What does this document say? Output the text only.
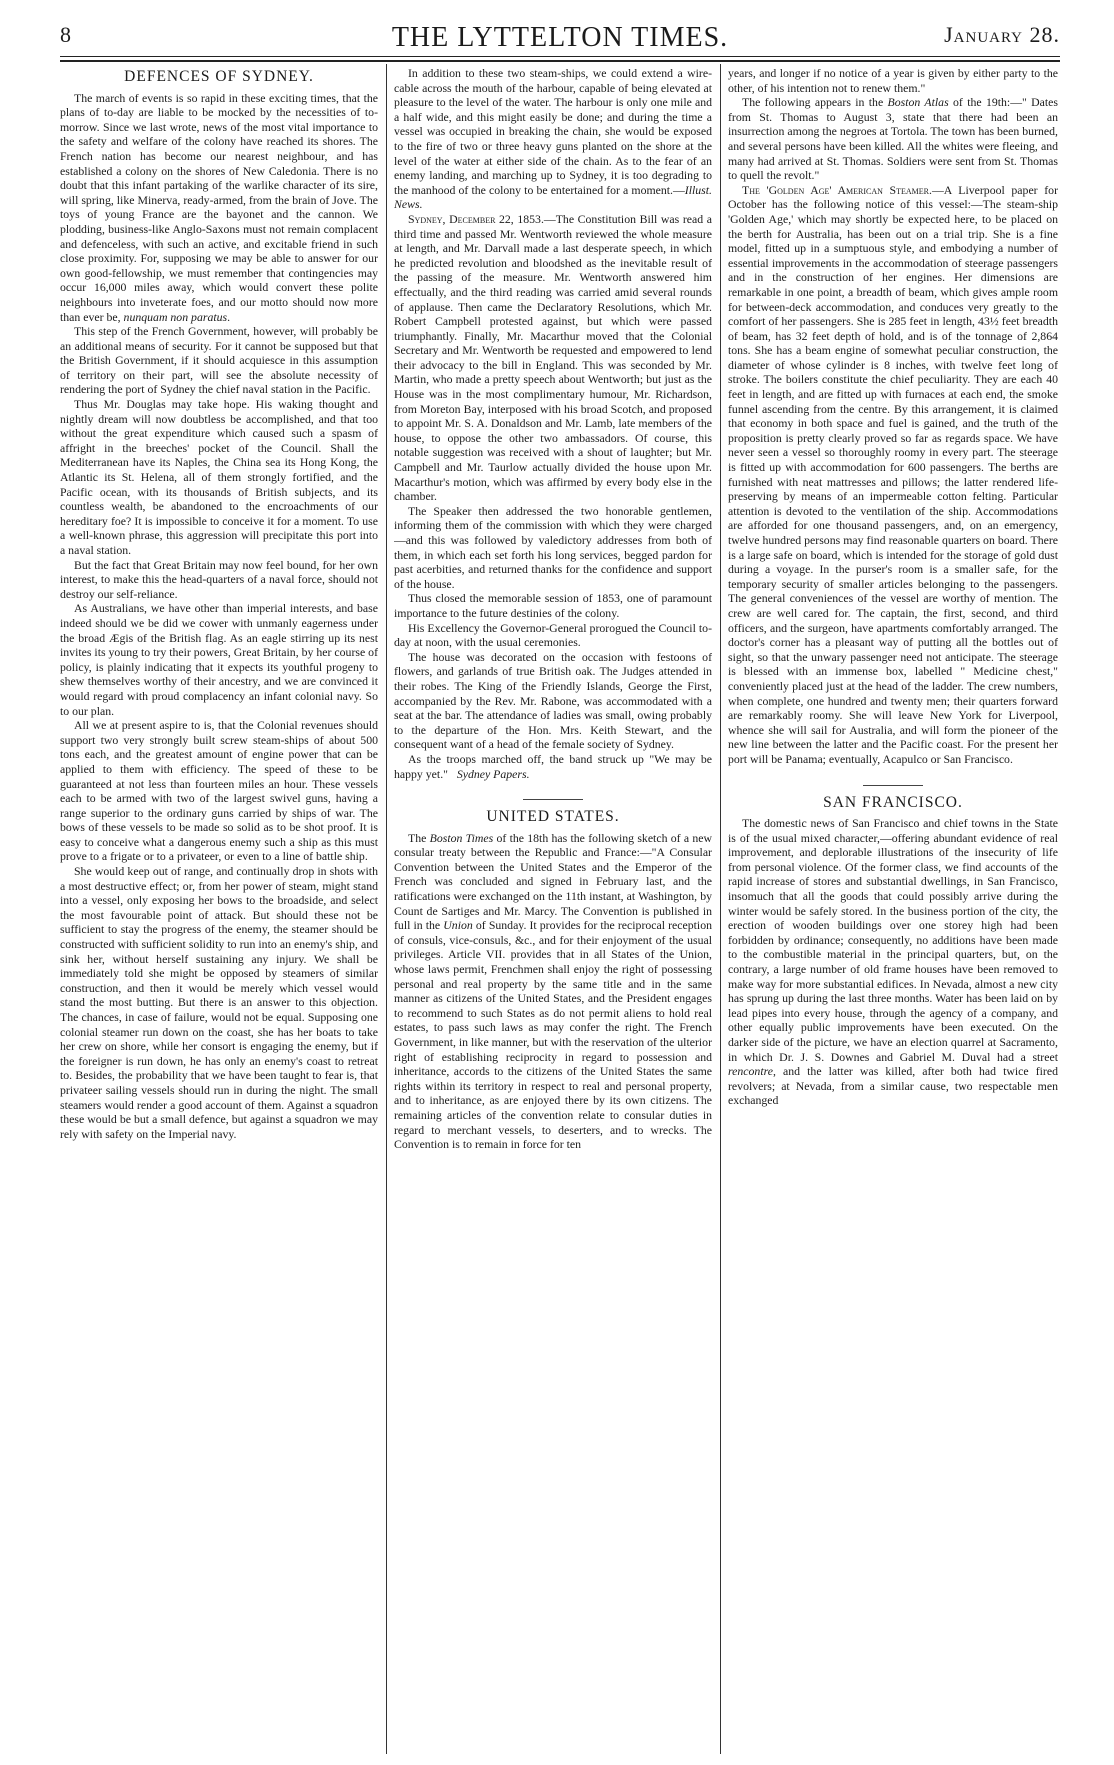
8	THE LYTTELTON TIMES.	January 28.
DEFENCES OF SYDNEY.

The march of events is so rapid in these exciting times, that the plans of to-day are liable to be mocked by the necessities of to-morrow. Since we last wrote, news of the most vital importance to the safety and welfare of the colony have reached its shores. The French nation has become our nearest neighbour, and has established a colony on the shores of New Caledonia. There is no doubt that this infant partaking of the warlike character of its sire, will spring, like Minerva, ready-armed, from the brain of Jove. The toys of young France are the bayonet and the cannon. We plodding, business-like Anglo-Saxons must not remain complacent and defenceless, with such an active, and excitable friend in such close proximity. For, supposing we may be able to answer for our own good-fellowship, we must remember that contingencies may occur 16,000 miles away, which would convert these polite neighbours into inveterate foes, and our motto should now more than ever be, nunquam non paratus.

This step of the French Government, however, will probably be an additional means of security. For it cannot be supposed but that the British Government, if it should acquiesce in this assumption of territory on their part, will see the absolute necessity of rendering the port of Sydney the chief naval station in the Pacific.

Thus Mr. Douglas may take hope. His waking thought and nightly dream will now doubtless be accomplished, and that too without the great expenditure which caused such a spasm of affright in the breeches' pocket of the Council. Shall the Mediterranean have its Naples, the China sea its Hong Kong, the Atlantic its St. Helena, all of them strongly fortified, and the Pacific ocean, with its thousands of British subjects, and its countless wealth, be abandoned to the encroachments of our hereditary foe? It is impossible to conceive it for a moment. To use a well-known phrase, this aggression will precipitate this port into a naval station.

But the fact that Great Britain may now feel bound, for her own interest, to make this the head-quarters of a naval force, should not destroy our self-reliance.

As Australians, we have other than imperial interests, and base indeed should we be did we cower with unmanly eagerness under the broad Ægis of the British flag. As an eagle stirring up its nest invites its young to try their powers, Great Britain, by her course of policy, is plainly indicating that it expects its youthful progeny to shew themselves worthy of their ancestry, and we are convinced it would regard with proud complacency an infant colonial navy. So to our plan.

All we at present aspire to is, that the Colonial revenues should support two very strongly built screw steam-ships of about 500 tons each, and the greatest amount of engine power that can be applied to them with efficiency. The speed of these to be guaranteed at not less than fourteen miles an hour. These vessels each to be armed with two of the largest swivel guns, having a range superior to the ordinary guns carried by ships of war. The bows of these vessels to be made so solid as to be shot proof. It is easy to conceive what a dangerous enemy such a ship as this must prove to a frigate or to a privateer, or even to a line of battle ship.

She would keep out of range, and continually drop in shots with a most destructive effect; or, from her power of steam, might stand into a vessel, only exposing her bows to the broadside, and select the most favourable point of attack. But should these not be sufficient to stay the progress of the enemy, the steamer should be constructed with sufficient solidity to run into an enemy's ship, and sink her, without herself sustaining any injury. We shall be immediately told she might be opposed by steamers of similar construction, and then it would be merely which vessel would stand the most butting. But there is an answer to this objection. The chances, in case of failure, would not be equal. Supposing one colonial steamer run down on the coast, she has her boats to take her crew on shore, while her consort is engaging the enemy, but if the foreigner is run down, he has only an enemy's coast to retreat to. Besides, the probability that we have been taught to fear is, that privateer sailing vessels should run in during the night. The small steamers would render a good account of them. Against a squadron these would be but a small defence, but against a squadron we may rely with safety on the Imperial navy.

In addition to these two steam-ships, we could extend a wire-cable across the mouth of the harbour, capable of being elevated at pleasure to the level of the water. The harbour is only one mile and a half wide, and this might easily be done; and during the time a vessel was occupied in breaking the chain, she would be exposed to the fire of two or three heavy guns planted on the shore at the level of the water at either side of the chain. As to the fear of an enemy landing, and marching up to Sydney, it is too degrading to the manhood of the colony to be entertained for a moment.—Illust. News.

Sydney, December 22, 1853.—The Constitution Bill was read a third time and passed Mr. Wentworth reviewed the whole measure at length, and Mr. Darvall made a last desperate speech, in which he predicted revolution and bloodshed as the inevitable result of the passing of the measure. Mr. Wentworth answered him effectually, and the third reading was carried amid several rounds of applause. Then came the Declaratory Resolutions, which Mr. Robert Campbell protested against, but which were passed triumphantly. Finally, Mr. Macarthur moved that the Colonial Secretary and Mr. Wentworth be requested and empowered to lend their advocacy to the bill in England. This was seconded by Mr. Martin, who made a pretty speech about Wentworth; but just as the House was in the most complimentary humour, Mr. Richardson, from Moreton Bay, interposed with his broad Scotch, and proposed to appoint Mr. S. A. Donaldson and Mr. Lamb, late members of the house, to oppose the other two ambassadors. Of course, this notable suggestion was received with a shout of laughter; but Mr. Campbell and Mr. Taurlow actually divided the house upon Mr. Macarthur's motion, which was affirmed by every body else in the chamber.

The Speaker then addressed the two honorable gentlemen, informing them of the commission with which they were charged—and this was followed by valedictory addresses from both of them, in which each set forth his long services, begged pardon for past acerbities, and returned thanks for the confidence and support of the house.

Thus closed the memorable session of 1853, one of paramount importance to the future destinies of the colony.

His Excellency the Governor-General prorogued the Council to-day at noon, with the usual ceremonies.

The house was decorated on the occasion with festoons of flowers, and garlands of true British oak. The Judges attended in their robes. The King of the Friendly Islands, George the First, accompanied by the Rev. Mr. Rabone, was accommodated with a seat at the bar. The attendance of ladies was small, owing probably to the departure of the Hon. Mrs. Keith Stewart, and the consequent want of a head of the female society of Sydney.

As the troops marched off, the band struck up "We may be happy yet." Sydney Papers.

UNITED STATES.

The Boston Times of the 18th has the following sketch of a new consular treaty between the Republic and France:—"A Consular Convention between the United States and the Emperor of the French was concluded and signed in February last, and the ratifications were exchanged on the 11th instant, at Washington, by Count de Sartiges and Mr. Marcy. The Convention is published in full in the Union of Sunday. It provides for the reciprocal reception of consuls, vice-consuls, &c., and for their enjoyment of the usual privileges. Article VII. provides that in all States of the Union, whose laws permit, Frenchmen shall enjoy the right of possessing personal and real property by the same title and in the same manner as citizens of the United States, and the President engages to recommend to such States as do not permit aliens to hold real estates, to pass such laws as may confer the right. The French Government, in like manner, but with the reservation of the ulterior right of establishing reciprocity in regard to possession and inheritance, accords to the citizens of the United States the same rights within its territory in respect to real and personal property, and to inheritance, as are enjoyed there by its own citizens. The remaining articles of the convention relate to consular duties in regard to merchant vessels, to deserters, and to wrecks. The Convention is to remain in force for ten

years, and longer if no notice of a year is given by either party to the other, of his intention not to renew them."

The following appears in the Boston Atlas of the 19th:—" Dates from St. Thomas to August 3, state that there had been an insurrection among the negroes at Tortola. The town has been burned, and several persons have been killed. All the whites were fleeing, and many had arrived at St. Thomas. Soldiers were sent from St. Thomas to quell the revolt."

The 'Golden Age' American Steamer.—A Liverpool paper for October has the following notice of this vessel:—The steam-ship 'Golden Age,' which may shortly be expected here, to be placed on the berth for Australia, has been out on a trial trip. She is a fine model, fitted up in a sumptuous style, and embodying a number of essential improvements in the accommodation of steerage passengers and in the construction of her engines. Her dimensions are remarkable in one point, a breadth of beam, which gives ample room for between-deck accommodation, and conduces very greatly to the comfort of her passengers. She is 285 feet in length, 43½ feet breadth of beam, has 32 feet depth of hold, and is of the tonnage of 2,864 tons. She has a beam engine of somewhat peculiar construction, the diameter of whose cylinder is 8 inches, with twelve feet long of stroke. The boilers constitute the chief peculiarity. They are each 40 feet in length, and are fitted up with furnaces at each end, the smoke funnel ascending from the centre. By this arrangement, it is claimed that economy in both space and fuel is gained, and the truth of the proposition is pretty clearly proved so far as regards space. We have never seen a vessel so thoroughly roomy in every part. The steerage is fitted up with accommodation for 600 passengers. The berths are furnished with neat mattresses and pillows; the latter rendered life-preserving by means of an impermeable cotton felting. Particular attention is devoted to the ventilation of the ship. Accommodations are afforded for one thousand passengers, and, on an emergency, twelve hundred persons may find reasonable quarters on board. There is a large safe on board, which is intended for the storage of gold dust during a voyage. In the purser's room is a smaller safe, for the temporary security of smaller articles belonging to the passengers. The general conveniences of the vessel are worthy of mention. The crew are well cared for. The captain, the first, second, and third officers, and the surgeon, have apartments comfortably arranged. The doctor's corner has a pleasant way of putting all the bottles out of sight, so that the unwary passenger need not anticipate. The steerage is blessed with an immense box, labelled " Medicine chest," conveniently placed just at the head of the ladder. The crew numbers, when complete, one hundred and twenty men; their quarters forward are remarkably roomy. She will leave New York for Liverpool, whence she will sail for Australia, and will form the pioneer of the new line between the latter and the Pacific coast. For the present her port will be Panama; eventually, Acapulco or San Francisco.

SAN FRANCISCO.

The domestic news of San Francisco and chief towns in the State is of the usual mixed character,—offering abundant evidence of real improvement, and deplorable illustrations of the insecurity of life from personal violence. Of the former class, we find accounts of the rapid increase of stores and substantial dwellings, in San Francisco, insomuch that all the goods that could possibly arrive during the winter would be safely stored. In the business portion of the city, the erection of wooden buildings over one storey high had been forbidden by ordinance; consequently, no additions have been made to the combustible material in the principal quarters, but, on the contrary, a large number of old frame houses have been removed to make way for more substantial edifices. In Nevada, almost a new city has sprung up during the last three months. Water has been laid on by lead pipes into every house, through the agency of a company, and other equally public improvements have been executed. On the darker side of the picture, we have an election quarrel at Sacramento, in which Dr. J. S. Downes and Gabriel M. Duval had a street rencontre, and the latter was killed, after both had twice fired revolvers; at Nevada, from a similar cause, two respectable men exchanged
